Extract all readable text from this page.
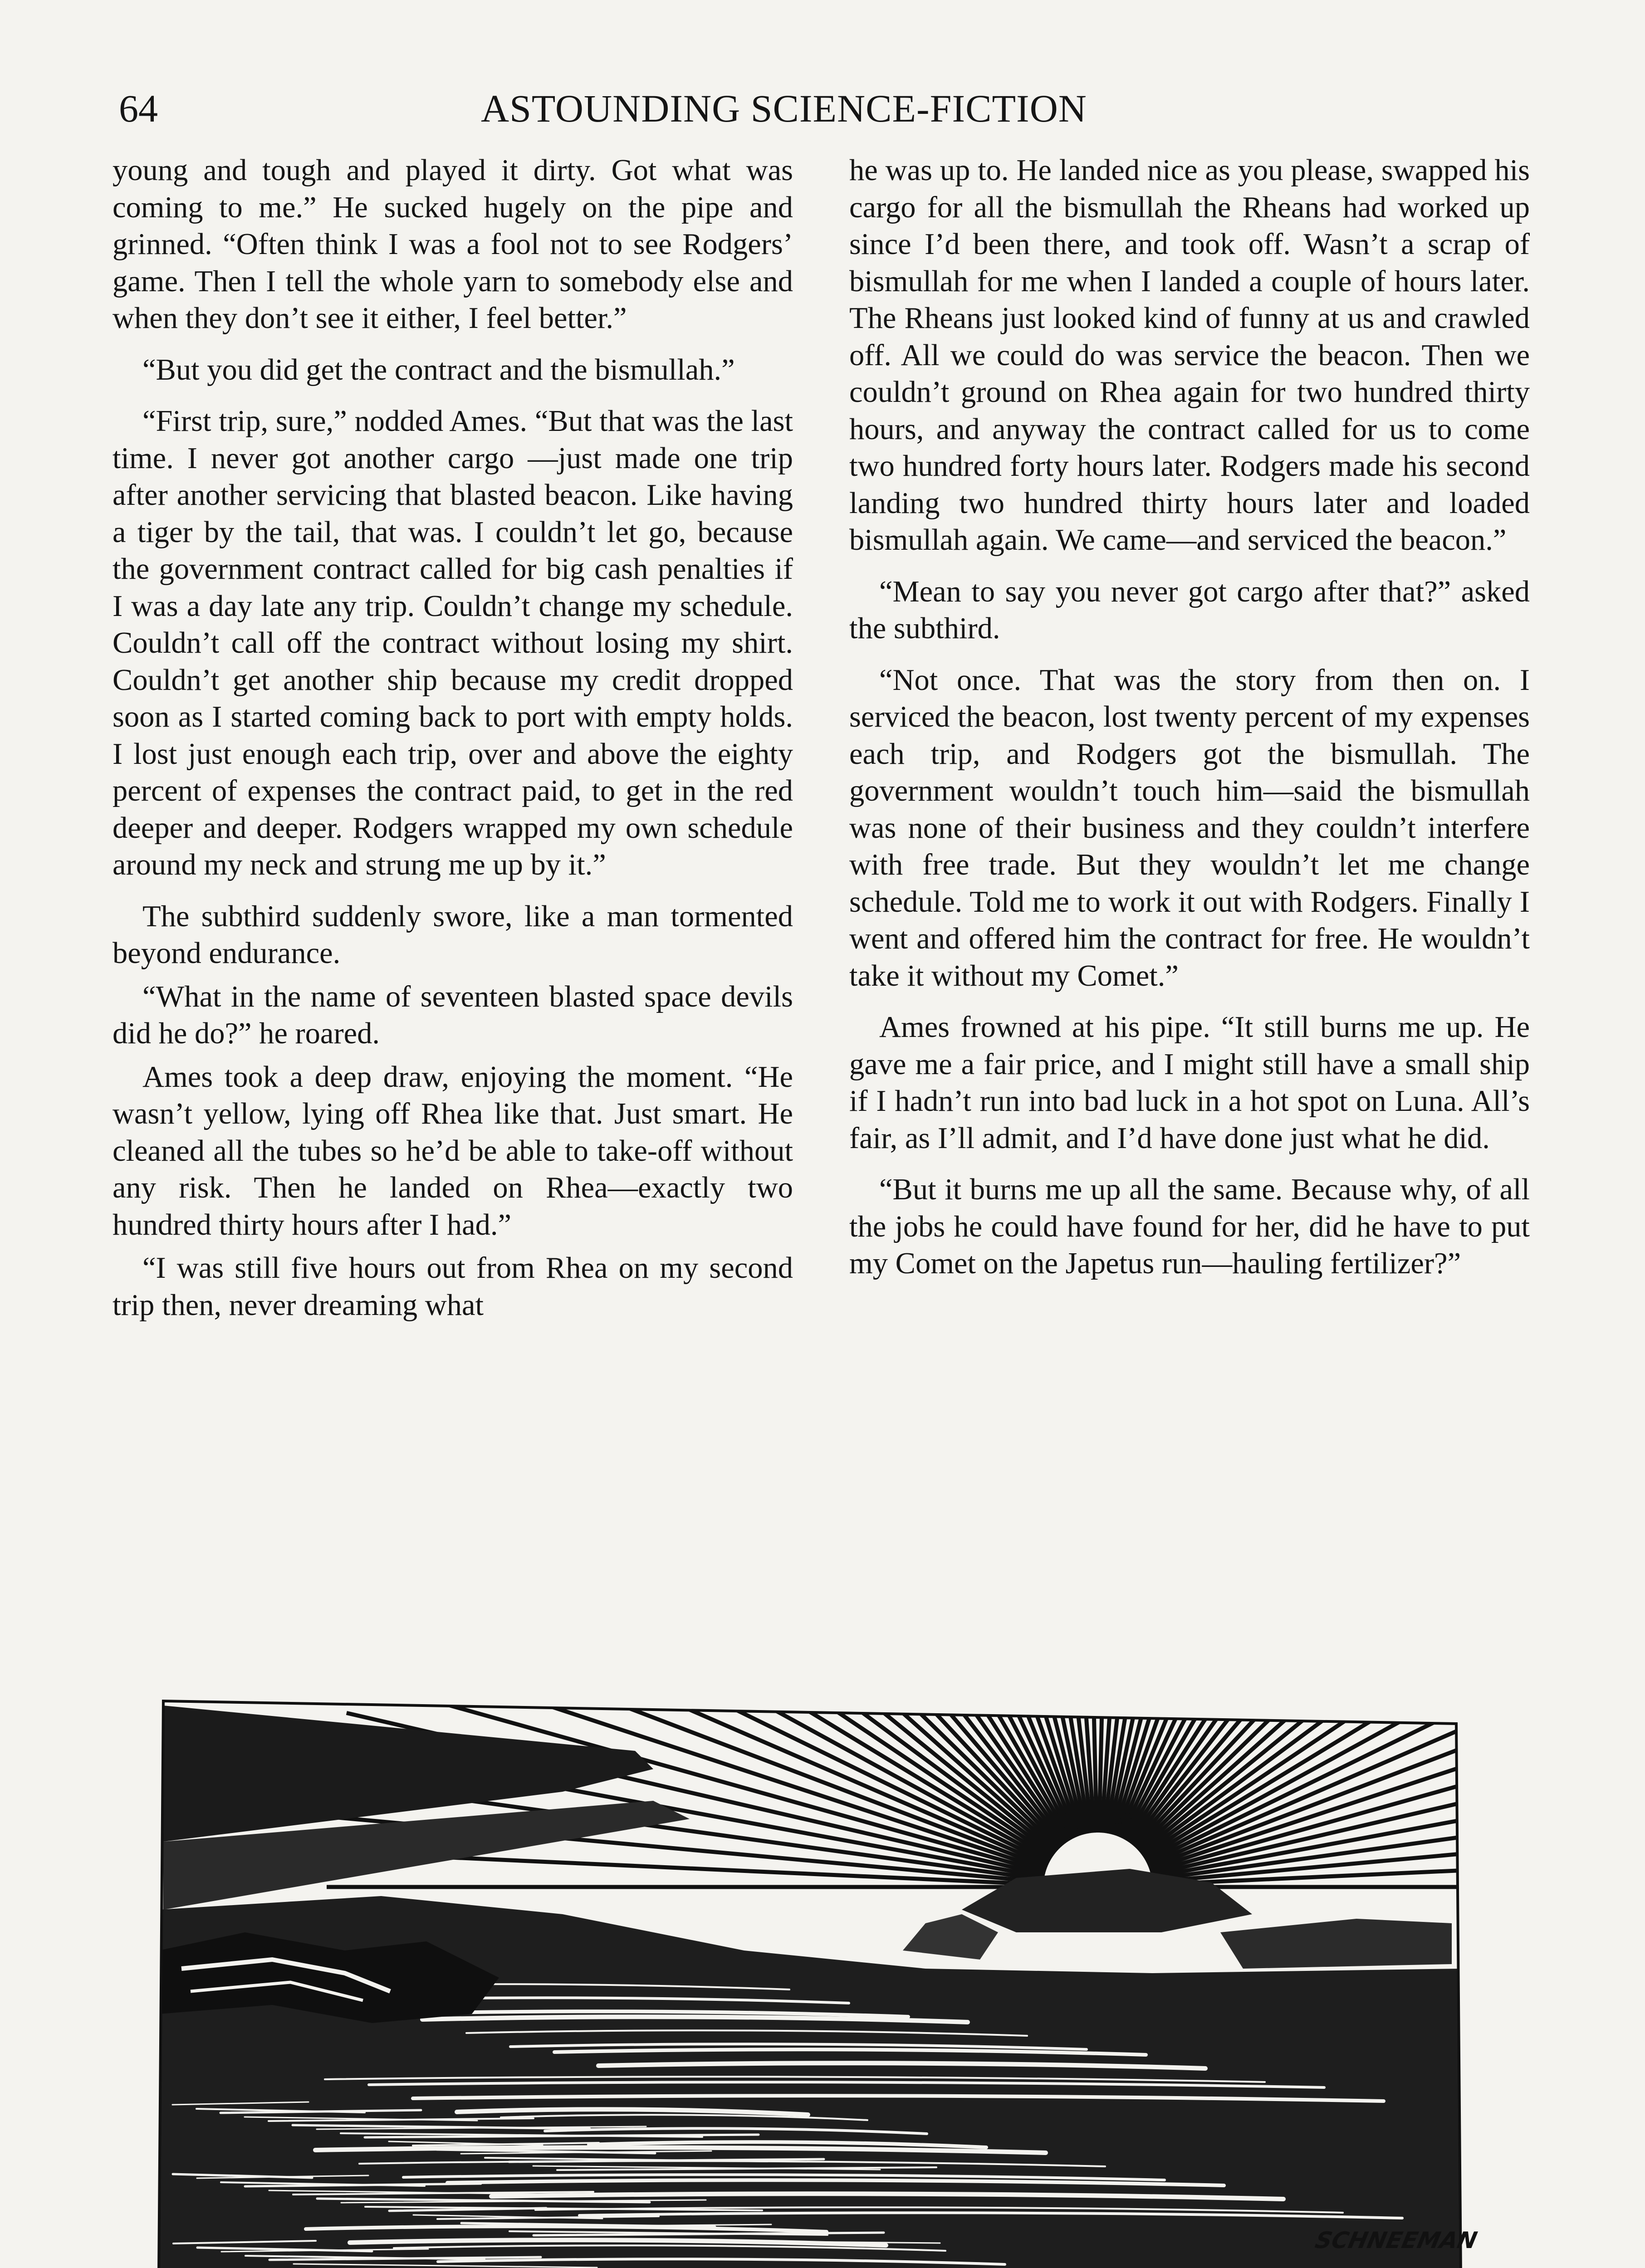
64	ASTOUNDING SCIENCE-FICTION

young and tough and played it dirty. Got what was coming to me.” He sucked hugely on the pipe and grinned. “Often think I was a fool not to see Rodgers’ game. Then I tell the whole yarn to somebody else and when they don’t see it either, I feel better.”

“But you did get the contract and the bismullah.”

“First trip, sure,” nodded Ames. “But that was the last time. I never got another cargo —just made one trip after another servicing that blasted beacon. Like having a tiger by the tail, that was. I couldn’t let go, because the government contract called for big cash penalties if I was a day late any trip. Couldn’t change my schedule. Couldn’t call off the contract without losing my shirt. Couldn’t get another ship because my credit dropped soon as I started coming back to port with empty holds. I lost just enough each trip, over and above the eighty percent of expenses the contract paid, to get in the red deeper and deeper. Rodgers wrapped my own schedule around my neck and strung me up by it.”

The subthird suddenly swore, like a man tormented beyond endurance.

“What in the name of seventeen blasted space devils did he do?” he roared.

Ames took a deep draw, enjoying the moment. “He wasn’t yellow, lying off Rhea like that. Just smart. He cleaned all the tubes so he’d be able to take-off without any risk. Then he landed on Rhea—exactly two hundred thirty hours after I had.”

“I was still five hours out from Rhea on my second trip then, never dreaming what

he was up to. He landed nice as you please, swapped his cargo for all the bismullah the Rheans had worked up since I’d been there, and took off. Wasn’t a scrap of bismullah for me when I landed a couple of hours later. The Rheans just looked kind of funny at us and crawled off. All we could do was service the beacon. Then we couldn’t ground on Rhea again for two hundred thirty hours, and anyway the contract called for us to come two hundred forty hours later. Rodgers made his second landing two hundred thirty hours later and loaded bismullah again. We came—and serviced the beacon.”

“Mean to say you never got cargo after that?” asked the subthird.

“Not once. That was the story from then on. I serviced the beacon, lost twenty percent of my expenses each trip, and Rodgers got the bismullah. The government wouldn’t touch him—said the bismullah was none of their business and they couldn’t interfere with free trade. But they wouldn’t let me change schedule. Told me to work it out with Rodgers. Finally I went and offered him the contract for free. He wouldn’t take it without my Comet.”

Ames frowned at his pipe. “It still burns me up. He gave me a fair price, and I might still have a small ship if I hadn’t run into bad luck in a hot spot on Luna. All’s fair, as I’ll admit, and I’d have done just what he did.

“But it burns me up all the same. Because why, of all the jobs he could have found for her, did he have to put my Comet on the Japetus run—hauling fertilizer?”

SCHNEEMAN
